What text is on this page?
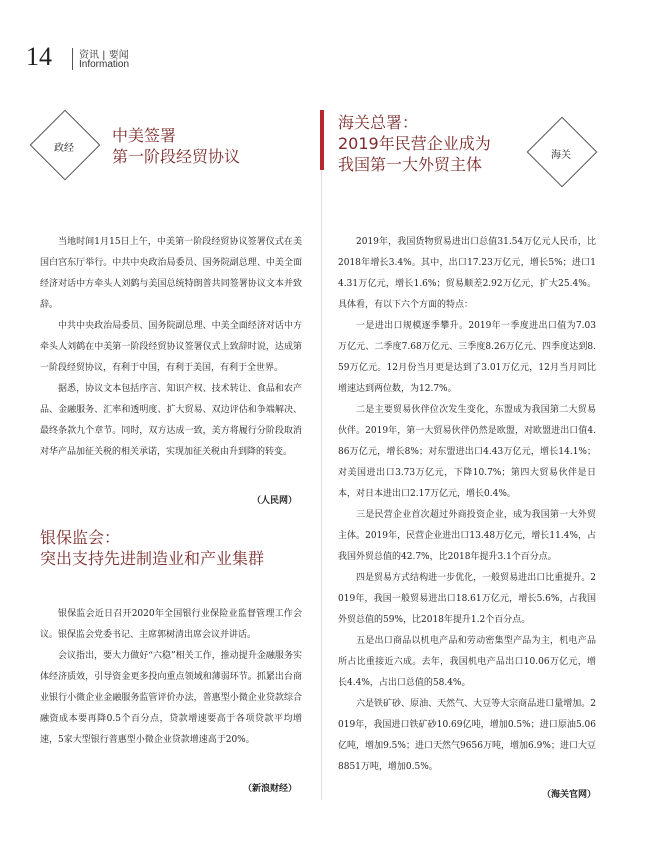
14	资讯 | 要闻
Information
政经
中美签署
第一阶段经贸协议

当地时间1月15日上午，中美第一阶段经贸协议签署仪式在美国白宫东厅举行。中共中央政治局委员、国务院副总理、中美全面经济对话中方牵头人刘鹤与美国总统特朗普共同签署协议文本并致辞。

中共中央政治局委员、国务院副总理、中美全面经济对话中方牵头人刘鹤在中美第一阶段经贸协议签署仪式上致辞时说，达成第一阶段经贸协议，有利于中国，有利于美国，有利于全世界。

据悉，协议文本包括序言、知识产权、技术转让、食品和农产品、金融服务、汇率和透明度、扩大贸易、双边评估和争端解决、最终条款九个章节。同时，双方达成一致，美方将履行分阶段取消对华产品加征关税的相关承诺，实现加征关税由升到降的转变。

（人民网）
银保监会：
突出支持先进制造业和产业集群

银保监会近日召开2020年全国银行业保险业监督管理工作会议。银保监会党委书记、主席郭树清出席会议并讲话。

会议指出，要大力做好“六稳”相关工作，推动提升金融服务实体经济质效，引导资金更多投向重点领域和薄弱环节。抓紧出台商业银行小微企业金融服务监管评价办法，普惠型小微企业贷款综合融资成本要再降0.5个百分点，贷款增速要高于各项贷款平均增速，5家大型银行普惠型小微企业贷款增速高于20%。

（新浪财经）
海关
海关总署：
2019年民营企业成为
我国第一大外贸主体

2019年，我国货物贸易进出口总值31.54万亿元人民币，比2018年增长3.4%。其中，出口17.23万亿元，增长5%；进口14.31万亿元，增长1.6%；贸易顺差2.92万亿元，扩大25.4%。具体看，有以下六个方面的特点：

一是进出口规模逐季攀升。2019年一季度进出口值为7.03万亿元、二季度7.68万亿元、三季度8.26万亿元、四季度达到8.59万亿元。12月份当月更是达到了3.01万亿元，12月当月同比增速达到两位数，为12.7%。

二是主要贸易伙伴位次发生变化，东盟成为我国第二大贸易伙伴。2019年，第一大贸易伙伴仍然是欧盟，对欧盟进出口值4.86万亿元，增长8%；对东盟进出口4.43万亿元，增长14.1%；对美国进出口3.73万亿元，下降10.7%；第四大贸易伙伴是日本，对日本进出口2.17万亿元，增长0.4%。

三是民营企业首次超过外商投资企业，成为我国第一大外贸主体。2019年，民营企业进出口13.48万亿元，增长11.4%，占我国外贸总值的42.7%，比2018年提升3.1个百分点。

四是贸易方式结构进一步优化，一般贸易进出口比重提升。2019年，我国一般贸易进出口18.61万亿元，增长5.6%，占我国外贸总值的59%，比2018年提升1.2个百分点。

五是出口商品以机电产品和劳动密集型产品为主，机电产品所占比重接近六成。去年，我国机电产品出口10.06万亿元，增长4.4%，占出口总值的58.4%。

六是铁矿砂、原油、天然气、大豆等大宗商品进口量增加。2019年，我国进口铁矿砂10.69亿吨，增加0.5%；进口原油5.06亿吨，增加9.5%；进口天然气9656万吨，增加6.9%；进口大豆8851万吨，增加0.5%。

（海关官网）
